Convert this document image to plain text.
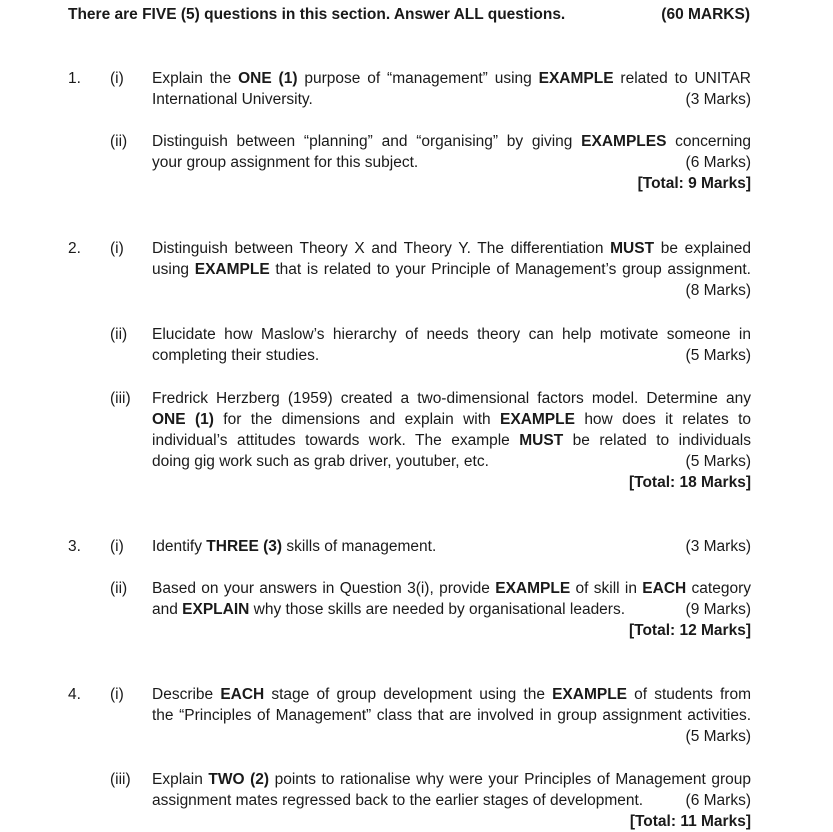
There are FIVE (5) questions in this section. Answer ALL questions.	(60 MARKS)
1. (i) Explain the ONE (1) purpose of “management” using EXAMPLE related to UNITAR
International University.	(3 Marks)
(ii) Distinguish between “planning” and “organising” by giving EXAMPLES concerning
your group assignment for this subject.	(6 Marks)
[Total: 9 Marks]
2. (i) Distinguish between Theory X and Theory Y. The differentiation MUST be explained
using EXAMPLE that is related to your Principle of Management’s group assignment.
(8 Marks)
(ii) Elucidate how Maslow’s hierarchy of needs theory can help motivate someone in
completing their studies.	(5 Marks)
(iii) Fredrick Herzberg (1959) created a two-dimensional factors model. Determine any
ONE (1) for the dimensions and explain with EXAMPLE how does it relates to
individual’s attitudes towards work. The example MUST be related to individuals
doing gig work such as grab driver, youtuber, etc.	(5 Marks)
[Total: 18 Marks]
3. (i) Identify THREE (3) skills of management.	(3 Marks)
(ii) Based on your answers in Question 3(i), provide EXAMPLE of skill in EACH category
and EXPLAIN why those skills are needed by organisational leaders.	(9 Marks)
[Total: 12 Marks]
4. (i) Describe EACH stage of group development using the EXAMPLE of students from
the “Principles of Management” class that are involved in group assignment activities.
(5 Marks)
(iii) Explain TWO (2) points to rationalise why were your Principles of Management group
assignment mates regressed back to the earlier stages of development.	(6 Marks)
[Total: 11 Marks]
